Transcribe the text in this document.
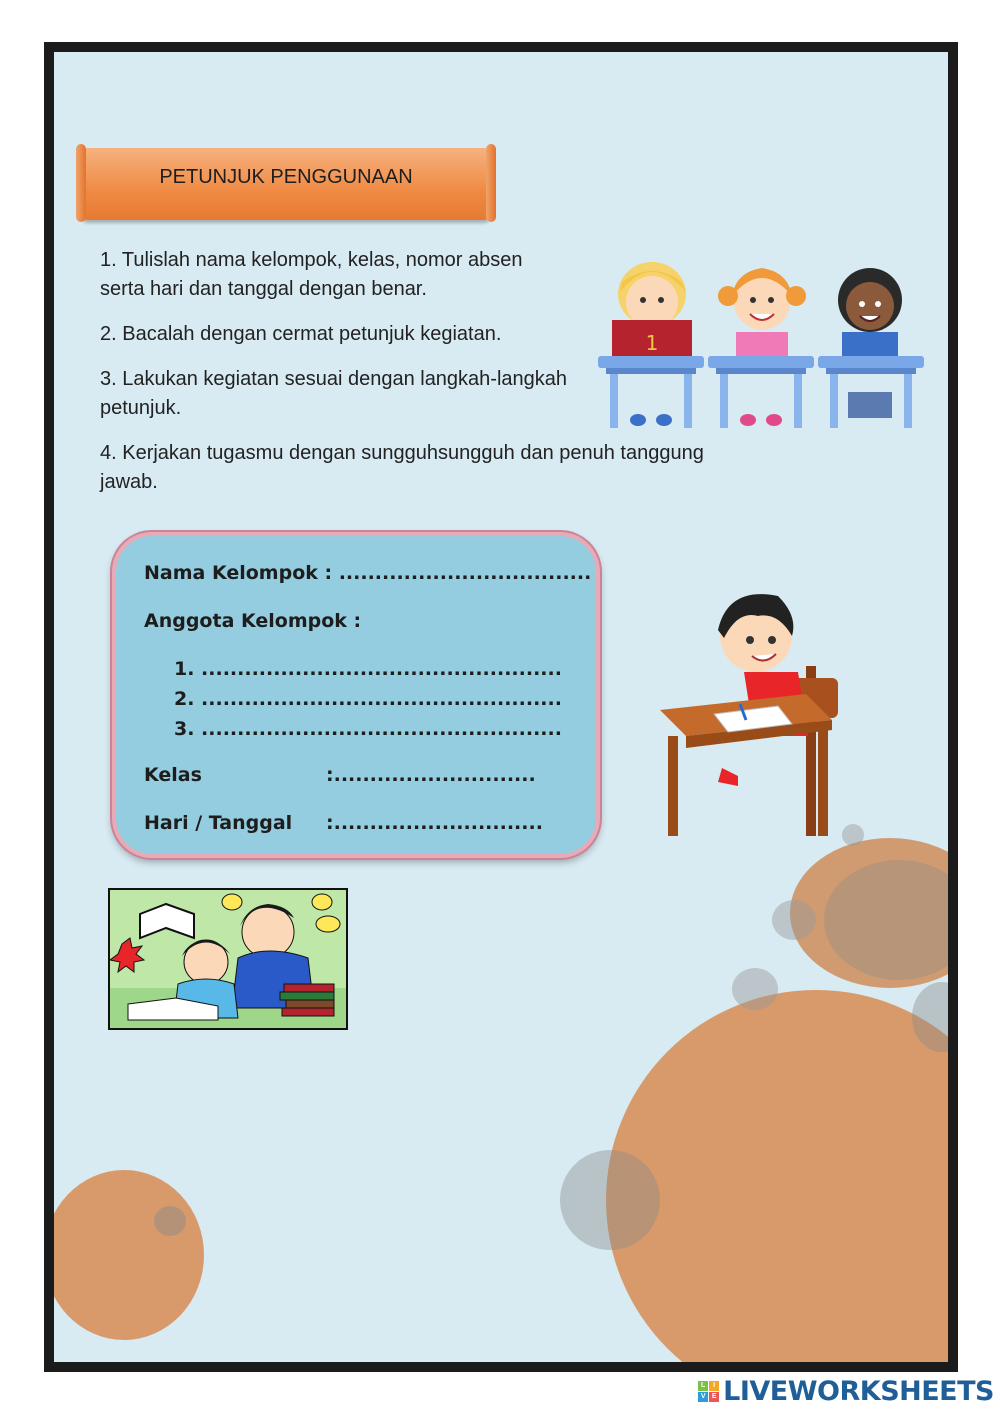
PETUNJUK PENGGUNAAN

1. Tulislah nama kelompok, kelas, nomor absen serta hari dan tanggal dengan benar.

2. Bacalah dengan cermat petunjuk kegiatan.

3. Lakukan kegiatan sesuai dengan langkah-langkah petunjuk.

4. Kerjakan tugasmu dengan sungguhsungguh dan penuh tanggung jawab.

1
Nama Kelompok : ...................................
Anggota Kelompok :
1. ..................................................
2. ..................................................
3. ..................................................
Kelas	:............................
Hari / Tanggal :.............................
L	I
V E LIVEWORKSHEETS
